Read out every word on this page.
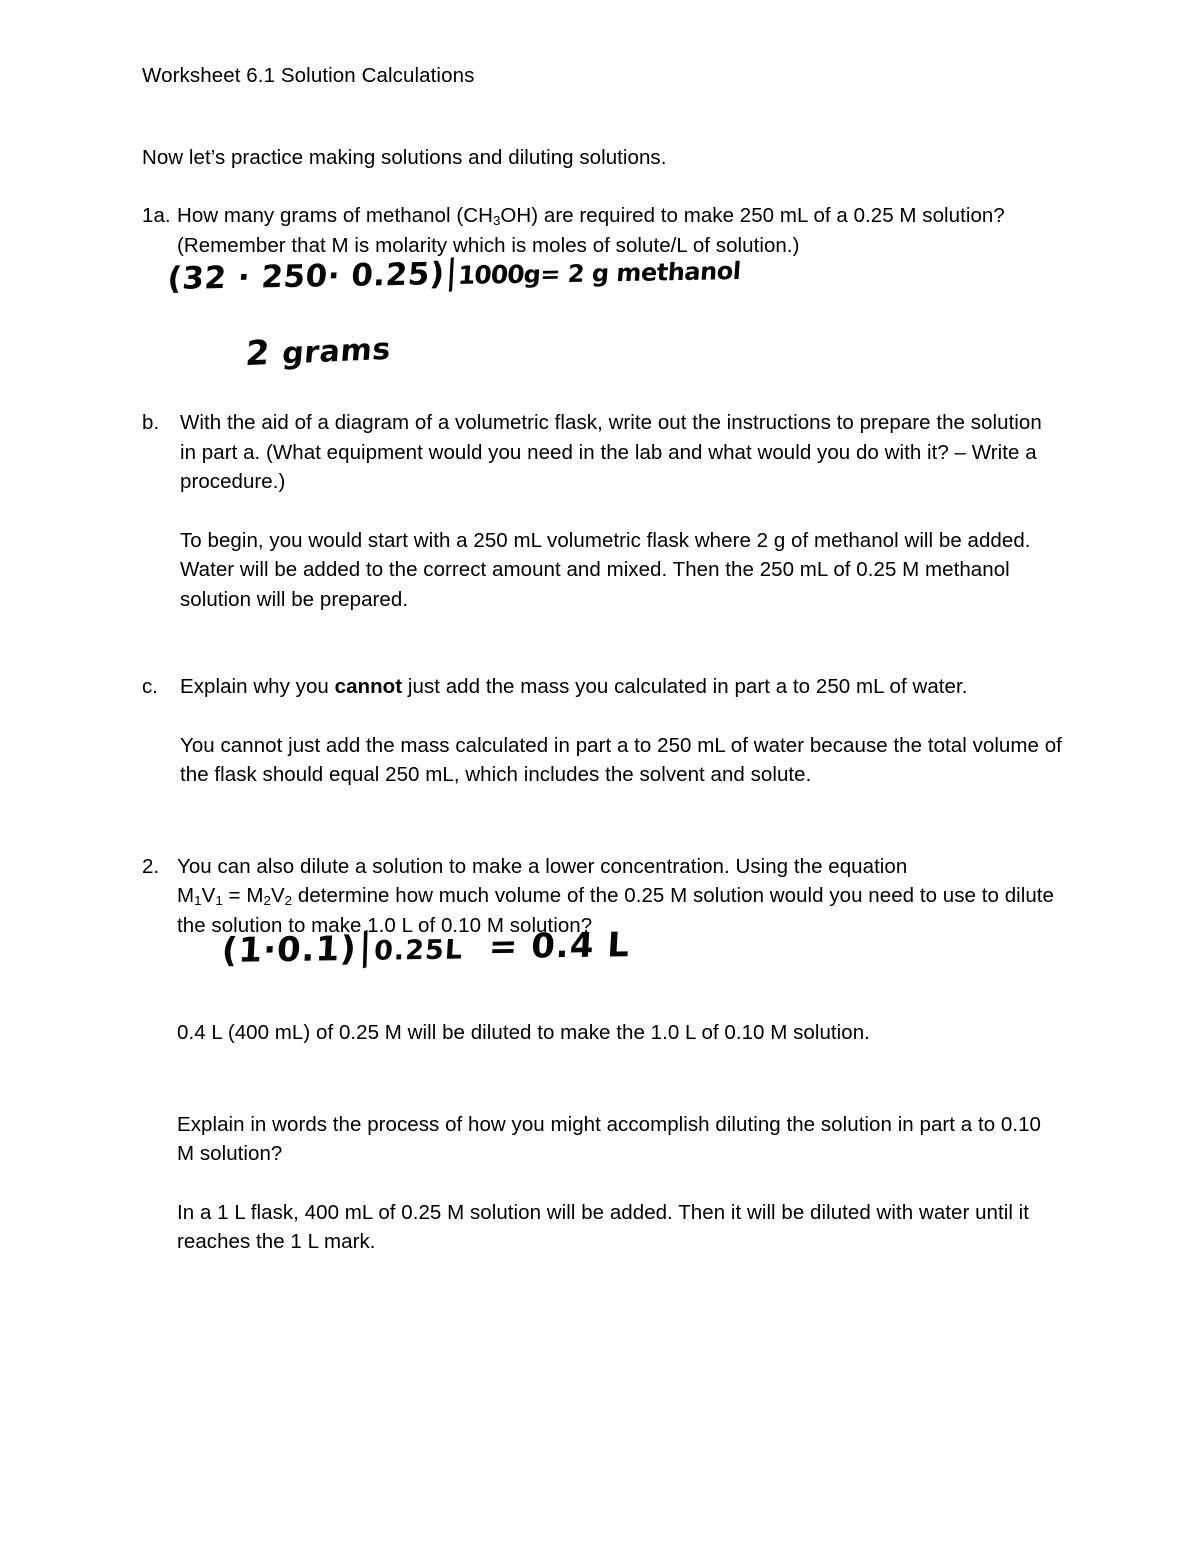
Worksheet 6.1 Solution Calculations
Now let’s practice making solutions and diluting solutions.
1a. How many grams of methanol $(CH_3OH)$ are required to make 250 mL of a 0.25 M solution?
(Remember that M is molarity which is moles of solute/L of solution.)
b.	With the aid of a diagram of a volumetric flask, write out the instructions to prepare the solution in part a. (What equipment would you need in the lab and what would you do with it? – Write a procedure.)
To begin, you would start with a 250 mL volumetric flask where 2 g of methanol will be added. Water will be added to the correct amount and mixed. Then the 250 mL of 0.25 M methanol solution will be prepared.
c.	Explain why you cannot just add the mass you calculated in part a to 250 mL of water.
You cannot just add the mass calculated in part a to 250 mL of water because the total volume of the flask should equal 250 mL, which includes the solvent and solute.
2. You can also dilute a solution to make a lower concentration. Using the equation
$M_1V_1 = M_2V_2$ determine how much volume of the 0.25 M solution would you need to use to dilute the solution to make 1.0 L of 0.10 M solution?
0.4 L (400 mL) of 0.25 M will be diluted to make the 1.0 L of 0.10 M solution.
Explain in words the process of how you might accomplish diluting the solution in part a to 0.10 M solution?
In a 1 L flask, 400 mL of 0.25 M solution will be added. Then it will be diluted with water until it reaches the 1 L mark.
(32 · 250· 0.25)/1000g= 2 g methanol
2 grams
(1·0.1)/0.25L = 0.4 L
